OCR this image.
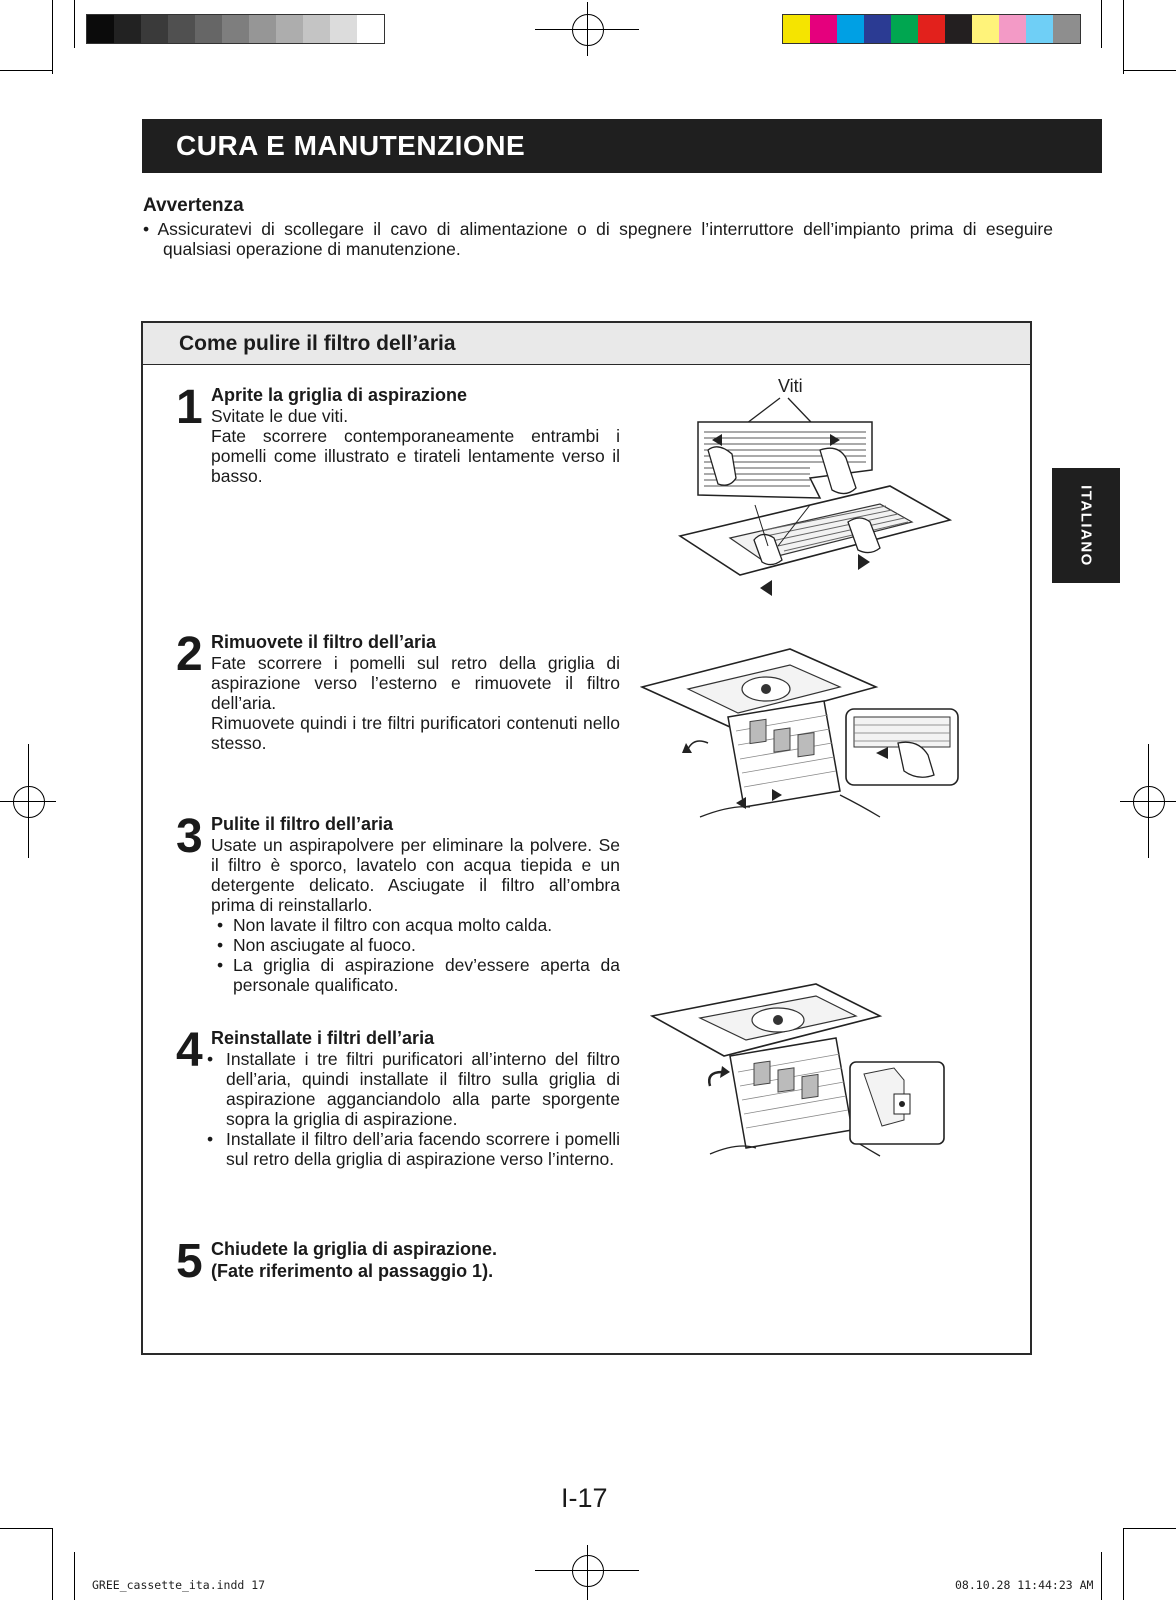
CURA E MANUTENZIONE
Avvertenza
• Assicuratevi di scollegare il cavo di alimentazione o di spegnere l’interruttore dell’impianto prima di eseguire qualsiasi operazione di manutenzione.
ITALIANO
Come pulire il filtro dell’aria
1 Aprite la griglia di aspirazione
Svitate le due viti.
Fate scorrere contemporaneamente entrambi i pomelli come illustrato e tirateli lentamente verso il basso.
2 Rimuovete il filtro dell’aria
Fate scorrere i pomelli sul retro della griglia di aspirazione verso l’esterno e rimuovete il filtro dell’aria.
Rimuovete quindi i tre filtri purificatori contenuti nello stesso.
3 Pulite il filtro dell’aria
Usate un aspirapolvere per eliminare la polvere. Se il filtro è sporco, lavatelo con acqua tiepida e un detergente delicato. Asciugate il filtro all’ombra prima di reinstallarlo.
• Non lavate il filtro con acqua molto calda.
• Non asciugate al fuoco.
• La griglia di aspirazione dev’essere aperta da personale qualificato.
4 Reinstallate i filtri dell’aria
• Installate i tre filtri purificatori all’interno del filtro dell’aria, quindi installate il filtro sulla griglia di aspirazione agganciandolo alla parte sporgente sopra la griglia di aspirazione.
• Installate il filtro dell’aria facendo scorrere i pomelli sul retro della griglia di aspirazione verso l’interno.
5 Chiudete la griglia di aspirazione.
(Fate riferimento al passaggio 1).
Viti
I-17
GREE_cassette_ita.indd 17	08.10.28 11:44:23 AM
